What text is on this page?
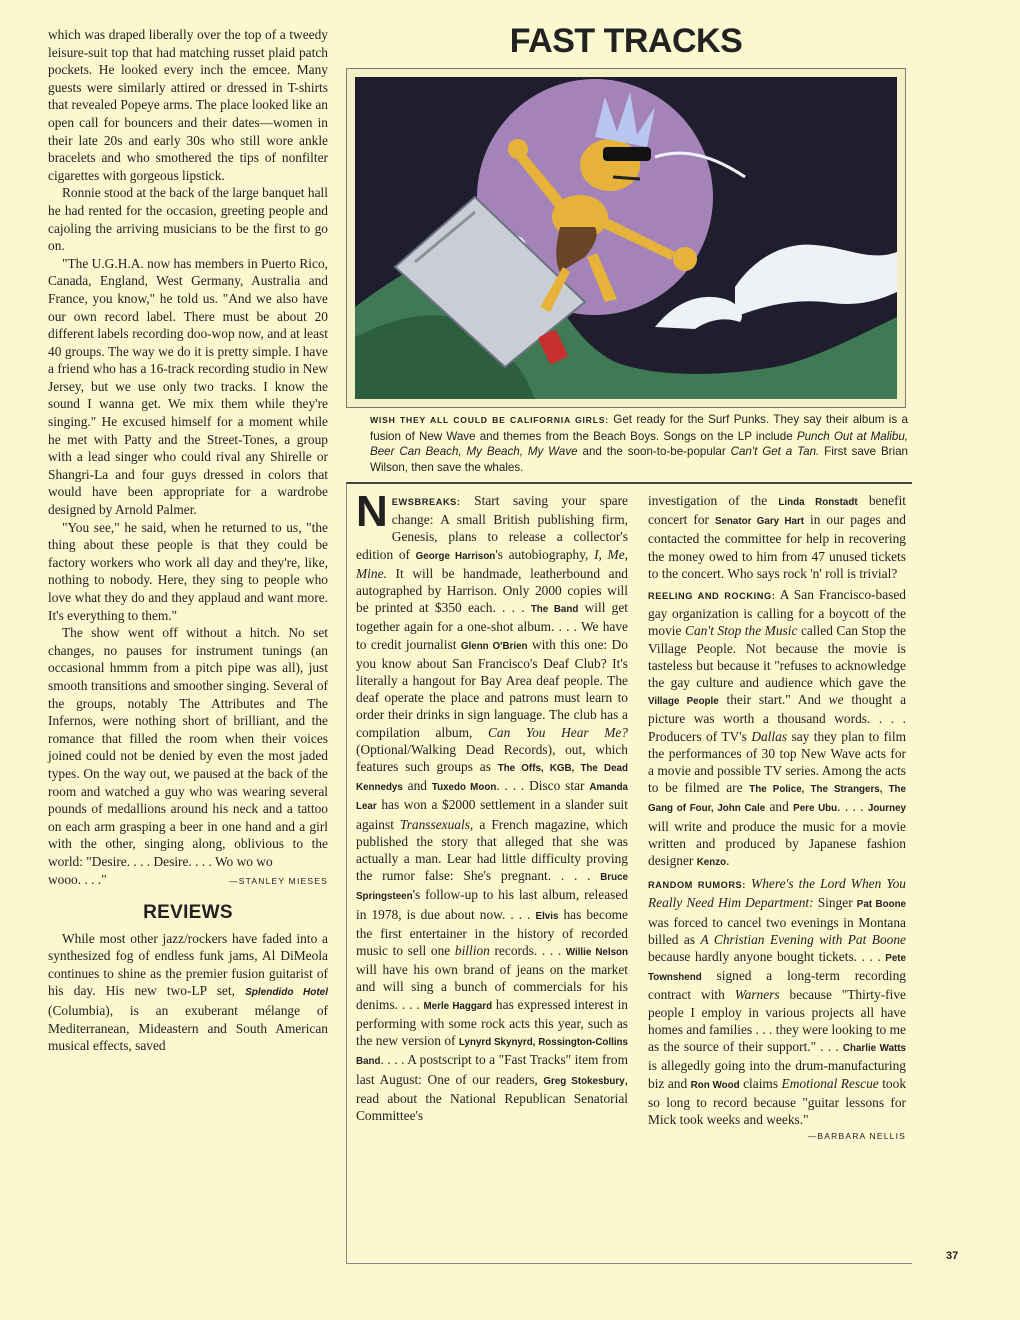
which was draped liberally over the top of a tweedy leisure-suit top that had matching russet plaid patch pockets. He looked every inch the emcee. Many guests were similarly attired or dressed in T-shirts that revealed Popeye arms. The place looked like an open call for bouncers and their dates—women in their late 20s and early 30s who still wore ankle bracelets and who smothered the tips of nonfilter cigarettes with gorgeous lipstick.

Ronnie stood at the back of the large banquet hall he had rented for the occasion, greeting people and cajoling the arriving musicians to be the first to go on.

"The U.G.H.A. now has members in Puerto Rico, Canada, England, West Germany, Australia and France, you know," he told us. "And we also have our own record label. There must be about 20 different labels recording doo-wop now, and at least 40 groups. The way we do it is pretty simple. I have a friend who has a 16-track recording studio in New Jersey, but we use only two tracks. I know the sound I wanna get. We mix them while they're singing." He excused himself for a moment while he met with Patty and the Street-Tones, a group with a lead singer who could rival any Shirelle or Shangri-La and four guys dressed in colors that would have been appropriate for a wardrobe designed by Arnold Palmer.

"You see," he said, when he returned to us, "the thing about these people is that they could be factory workers who work all day and they're, like, nothing to nobody. Here, they sing to people who love what they do and they applaud and want more. It's everything to them."

The show went off without a hitch. No set changes, no pauses for instrument tunings (an occasional hmmm from a pitch pipe was all), just smooth transitions and smoother singing. Several of the groups, notably The Attributes and The Infernos, were nothing short of brilliant, and the romance that filled the room when their voices joined could not be denied by even the most jaded types. On the way out, we paused at the back of the room and watched a guy who was wearing several pounds of medallions around his neck and a tattoo on each arm grasping a beer in one hand and a girl with the other, singing along, oblivious to the world: "Desire. . . . Desire. . . . Wo wo wo

wooo. . . ."	—STANLEY MIESES
REVIEWS

While most other jazz/rockers have faded into a synthesized fog of endless funk jams, Al DiMeola continues to shine as the premier fusion guitarist of his day. His new two-LP set, Splendido Hotel (Columbia), is an exuberant mélange of Mediterranean, Mideastern and South American musical effects, saved

FAST TRACKS
WISH THEY ALL COULD BE CALIFORNIA GIRLS: Get ready for the Surf Punks. They say their album is a fusion of New Wave and themes from the Beach Boys. Songs on the LP include Punch Out at Malibu, Beer Can Beach, My Beach, My Wave and the soon-to-be-popular Can't Get a Tan. First save Brian Wilson, then save the whales.

NEWSBREAKS: Start saving your spare change: A small British publishing firm, Genesis, plans to release a collector's edition of George Harrison's autobiography, I, Me, Mine. It will be handmade, leatherbound and autographed by Harrison. Only 2000 copies will be printed at $350 each. . . . The Band will get together again for a one-shot album. . . . We have to credit journalist Glenn O'Brien with this one: Do you know about San Francisco's Deaf Club? It's literally a hangout for Bay Area deaf people. The deaf operate the place and patrons must learn to order their drinks in sign language. The club has a compilation album, Can You Hear Me? (Optional/Walking Dead Records), out, which features such groups as The Offs, KGB, The Dead Kennedys and Tuxedo Moon. . . . Disco star Amanda Lear has won a $2000 settlement in a slander suit against Transsexuals, a French magazine, which published the story that alleged that she was actually a man. Lear had little difficulty proving the rumor false: She's pregnant. . . . Bruce Springsteen's follow-up to his last album, released in 1978, is due about now. . . . Elvis has become the first entertainer in the history of recorded music to sell one billion records. . . . Willie Nelson will have his own brand of jeans on the market and will sing a bunch of commercials for his denims. . . . Merle Haggard has expressed interest in performing with some rock acts this year, such as the new version of Lynyrd Skynyrd, Rossington-Collins Band. . . . A postscript to a "Fast Tracks" item from last August: One of our readers, Greg Stokesbury, read about the National Republican Senatorial Committee's

investigation of the Linda Ronstadt benefit concert for Senator Gary Hart in our pages and contacted the committee for help in recovering the money owed to him from 47 unused tickets to the concert. Who says rock 'n' roll is trivial?

REELING AND ROCKING: A San Francisco-based gay organization is calling for a boycott of the movie Can't Stop the Music called Can Stop the Village People. Not because the movie is tasteless but because it "refuses to acknowledge the gay culture and audience which gave the Village People their start." And we thought a picture was worth a thousand words. . . . Producers of TV's Dallas say they plan to film the performances of 30 top New Wave acts for a movie and possible TV series. Among the acts to be filmed are The Police, The Strangers, The Gang of Four, John Cale and Pere Ubu. . . . Journey will write and produce the music for a movie written and produced by Japanese fashion designer Kenzo.

RANDOM RUMORS: Where's the Lord When You Really Need Him Department: Singer Pat Boone was forced to cancel two evenings in Montana billed as A Christian Evening with Pat Boone because hardly anyone bought tickets. . . . Pete Townshend signed a long-term recording contract with Warners because "Thirty-five people I employ in various projects all have homes and families . . . they were looking to me as the source of their support." . . . Charlie Watts is allegedly going into the drum-manufacturing biz and Ron Wood claims Emotional Rescue took so long to record because "guitar lessons for Mick took weeks and weeks."
—BARBARA NELLIS

37
